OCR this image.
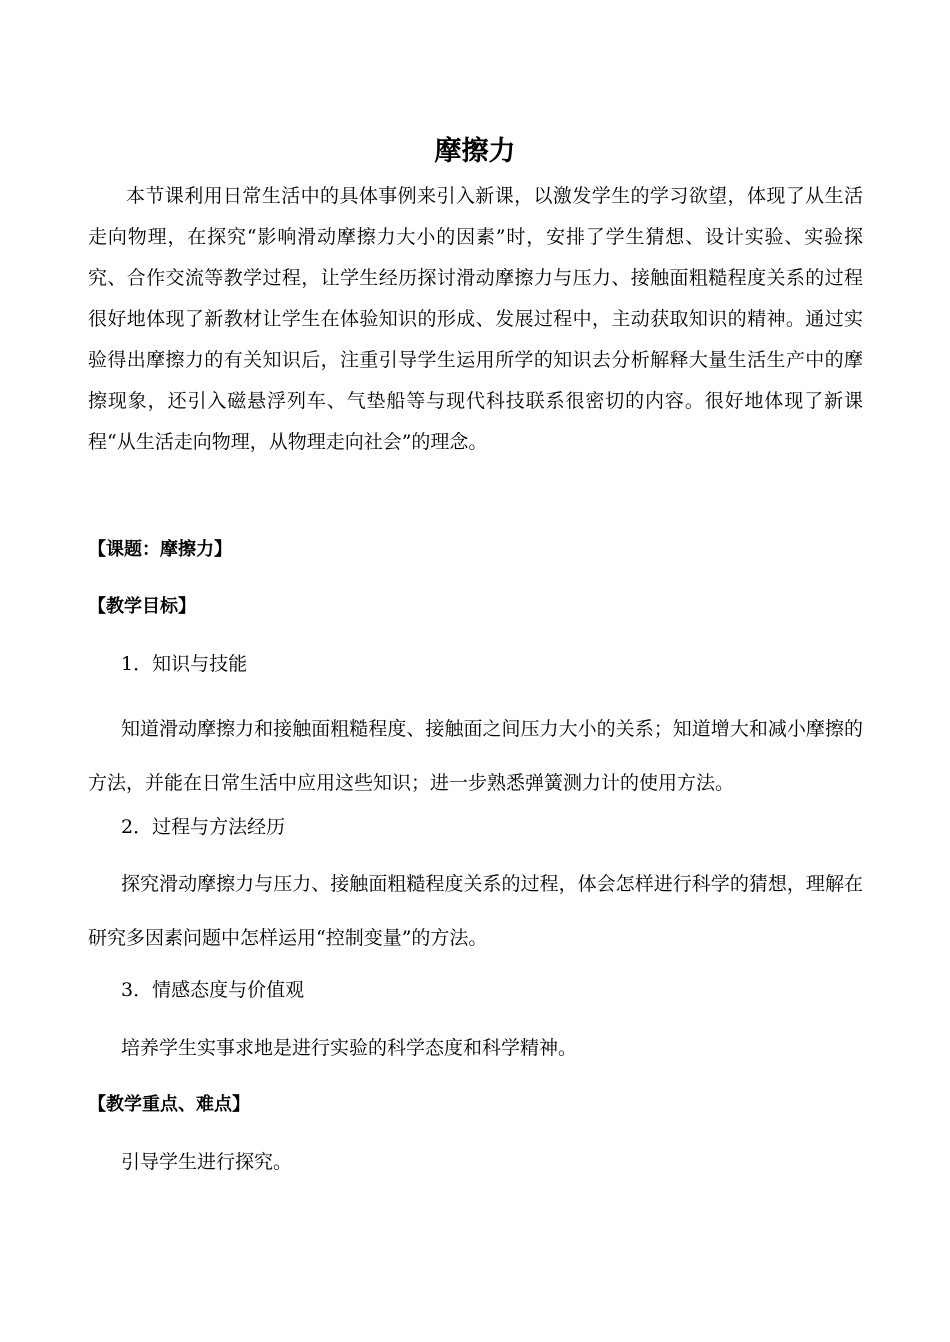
摩擦力

本节课利用日常生活中的具体事例来引入新课，以激发学生的学习欲望，体现了从生活走向物理，在探究“影响滑动摩擦力大小的因素”时，安排了学生猜想、设计实验、实验探究、合作交流等教学过程，让学生经历探讨滑动摩擦力与压力、接触面粗糙程度关系的过程很好地体现了新教材让学生在体验知识的形成、发展过程中，主动获取知识的精神。通过实验得出摩擦力的有关知识后，注重引导学生运用所学的知识去分析解释大量生活生产中的摩擦现象，还引入磁悬浮列车、气垫船等与现代科技联系很密切的内容。很好地体现了新课程“从生活走向物理，从物理走向社会”的理念。

【课题：摩擦力】

【教学目标】

1．知识与技能

知道滑动摩擦力和接触面粗糙程度、接触面之间压力大小的关系；知道增大和减小摩擦的方法，并能在日常生活中应用这些知识；进一步熟悉弹簧测力计的使用方法。

2．过程与方法经历

探究滑动摩擦力与压力、接触面粗糙程度关系的过程，体会怎样进行科学的猜想，理解在研究多因素问题中怎样运用“控制变量”的方法。

3．情感态度与价值观

培养学生实事求地是进行实验的科学态度和科学精神。

【教学重点、难点】

引导学生进行探究。
